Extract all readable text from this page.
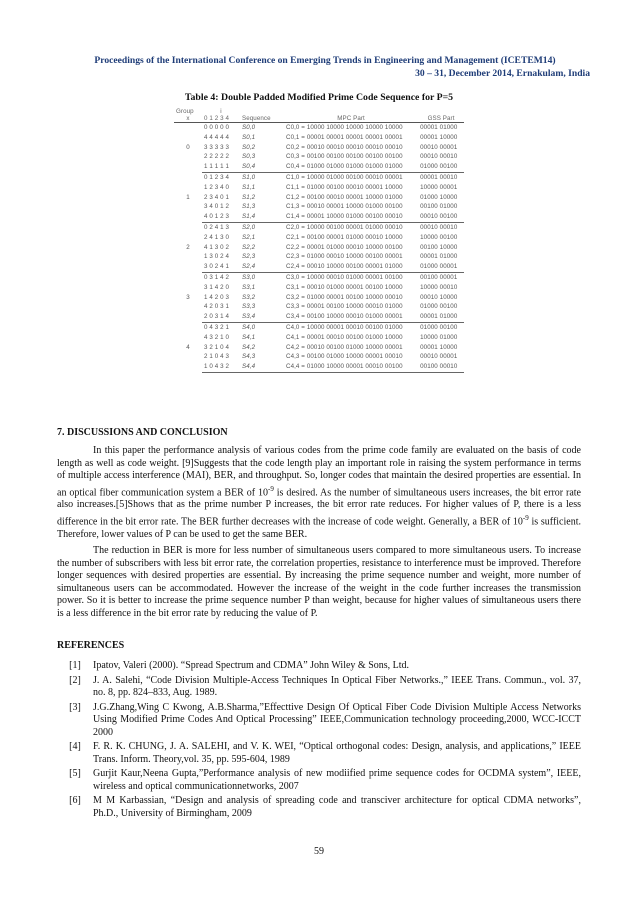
Proceedings of the International Conference on Emerging Trends in Engineering and Management (ICETEM14)
30 – 31, December 2014, Ernakulam, India
Table 4: Double Padded Modified Prime Code Sequence for P=5
Group	i			
x	0 1 2 3 4	Sequence	MPC Part	GSS Part
0	0 0 0 0 0	S0,0	C0,0 = 10000 10000 10000 10000 10000	00001 01000
	4 4 4 4 4	S0,1	C0,1 = 00001 00001 00001 00001 00001	00001 10000
	3 3 3 3 3	S0,2	C0,2 = 00010 00010 00010 00010 00010	00010 00001
	2 2 2 2 2	S0,3	C0,3 = 00100 00100 00100 00100 00100	00010 00010
	1 1 1 1 1	S0,4	C0,4 = 01000 01000 01000 01000 01000	01000 00100
1	0 1 2 3 4	S1,0	C1,0 = 10000 01000 00100 00010 00001	00001 00010
	1 2 3 4 0	S1,1	C1,1 = 01000 00100 00010 00001 10000	10000 00001
	2 3 4 0 1	S1,2	C1,2 = 00100 00010 00001 10000 01000	01000 10000
	3 4 0 1 2	S1,3	C1,3 = 00010 00001 10000 01000 00100	00100 01000
	4 0 1 2 3	S1,4	C1,4 = 00001 10000 01000 00100 00010	00010 00100
2	0 2 4 1 3	S2,0	C2,0 = 10000 00100 00001 01000 00010	00010 00010
	2 4 1 3 0	S2,1	C2,1 = 00100 00001 01000 00010 10000	10000 00100
	4 1 3 0 2	S2,2	C2,2 = 00001 01000 00010 10000 00100	00100 10000
	1 3 0 2 4	S2,3	C2,3 = 01000 00010 10000 00100 00001	00001 01000
	3 0 2 4 1	S2,4	C2,4 = 00010 10000 00100 00001 01000	01000 00001
3	0 3 1 4 2	S3,0	C3,0 = 10000 00010 01000 00001 00100	00100 00001
	3 1 4 2 0	S3,1	C3,1 = 00010 01000 00001 00100 10000	10000 00010
	1 4 2 0 3	S3,2	C3,2 = 01000 00001 00100 10000 00010	00010 10000
	4 2 0 3 1	S3,3	C3,3 = 00001 00100 10000 00010 01000	01000 00100
	2 0 3 1 4	S3,4	C3,4 = 00100 10000 00010 01000 00001	00001 01000
4	0 4 3 2 1	S4,0	C4,0 = 10000 00001 00010 00100 01000	01000 00100
	4 3 2 1 0	S4,1	C4,1 = 00001 00010 00100 01000 10000	10000 01000
	3 2 1 0 4	S4,2	C4,2 = 00010 00100 01000 10000 00001	00001 10000
	2 1 0 4 3	S4,3	C4,3 = 00100 01000 10000 00001 00010	00010 00001
	1 0 4 3 2	S4,4	C4,4 = 01000 10000 00001 00010 00100	00100 00010
7. DISCUSSIONS AND CONCLUSION

In this paper the performance analysis of various codes from the prime code family are evaluated on the basis of code length as well as code weight. [9]Suggests that the code length play an important role in raising the system performance in terms of multiple access interference (MAI), BER, and throughput. So, longer codes that maintain the desired properties are essential. In an optical fiber communication system a BER of $10^{-9}$ is desired. As the number of simultaneous users increases, the bit error rate also increases.[5]Shows that as the prime number P increases, the bit error rate reduces. For higher values of P, there is a less difference in the bit error rate. The BER further decreases with the increase of code weight. Generally, a BER of $10^{-9}$ is sufficient. Therefore, lower values of P can be used to get the same BER.

The reduction in BER is more for less number of simultaneous users compared to more simultaneous users. To increase the number of subscribers with less bit error rate, the correlation properties, resistance to interference must be improved. Therefore longer sequences with desired properties are essential. By increasing the prime sequence number and weight, more number of simultaneous users can be accommodated. However the increase of the weight in the code further increases the transmission power. So it is better to increase the prime sequence number P than weight, because for higher values of simultaneous users there is a less difference in the bit error rate by reducing the value of P.

REFERENCES
[1]	Ipatov, Valeri (2000). “Spread Spectrum and CDMA” John Wiley & Sons, Ltd.
[2]	J. A. Salehi, “Code Division Multiple-Access Techniques In Optical Fiber Networks.,” IEEE Trans. Commun., vol. 37, no. 8, pp. 824–833, Aug. 1989.
[3]	J.G.Zhang,Wing C Kwong, A.B.Sharma,”Effecttive Design Of Optical Fiber Code Division Multiple Access Networks Using Modified Prime Codes And Optical Processing” IEEE,Communication technology proceeding,2000, WCC-ICCT 2000
[4]	F. R. K. CHUNG, J. A. SALEHI, and V. K. WEI, “Optical orthogonal codes: Design, analysis, and applications,” IEEE Trans. Inform. Theory,vol. 35, pp. 595-604, 1989
[5]	Gurjit Kaur,Neena Gupta,”Performance analysis of new modiified prime sequence codes for OCDMA system”, IEEE, wireless and optical communicationnetworks, 2007
[6]	M M Karbassian, “Design and analysis of spreading code and transciver architecture for optical CDMA networks”, Ph.D., University of Birmingham, 2009
59
